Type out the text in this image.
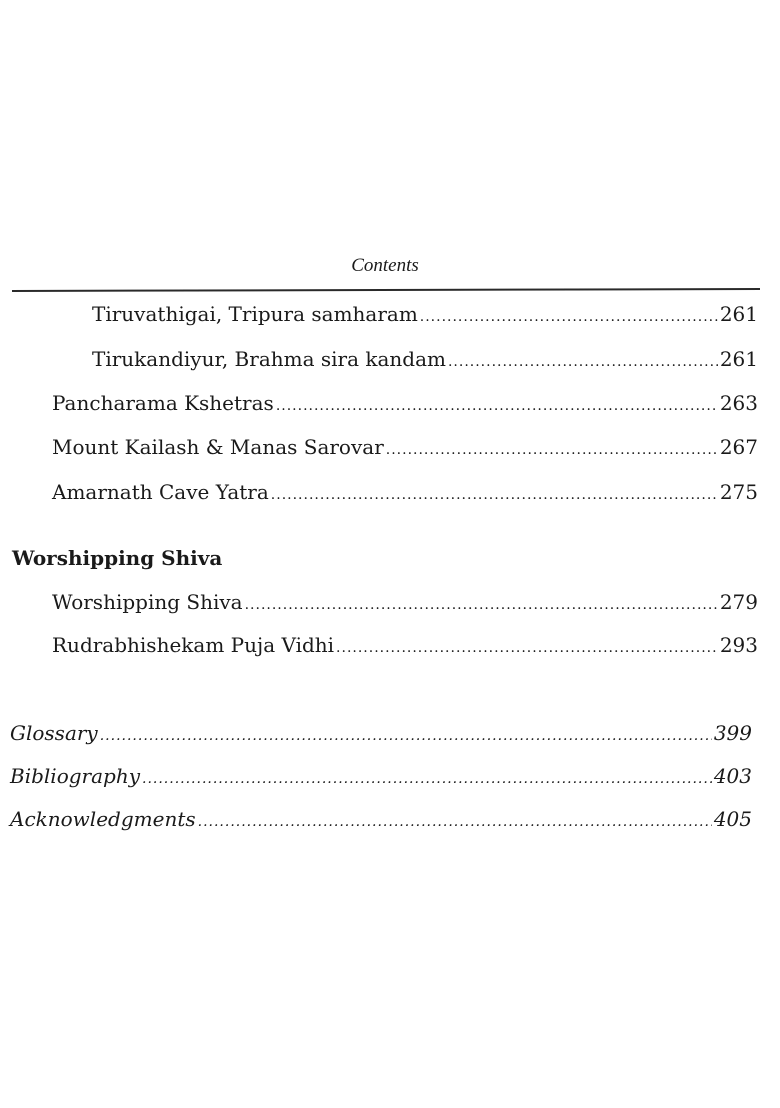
Contents
Tiruvathigai, Tripura samharam .....	261
Tirukandiyur, Brahma sira kandam .....	261
Pancharama Kshetras .....	263
Mount Kailash & Manas Sarovar .....	267
Amarnath Cave Yatra .....	275
Worshipping Shiva
Worshipping Shiva .....	279
Rudrabhishekam Puja Vidhi .....	293
Glossary .....	399
Bibliography .....	403
Acknowledgments .....	405
